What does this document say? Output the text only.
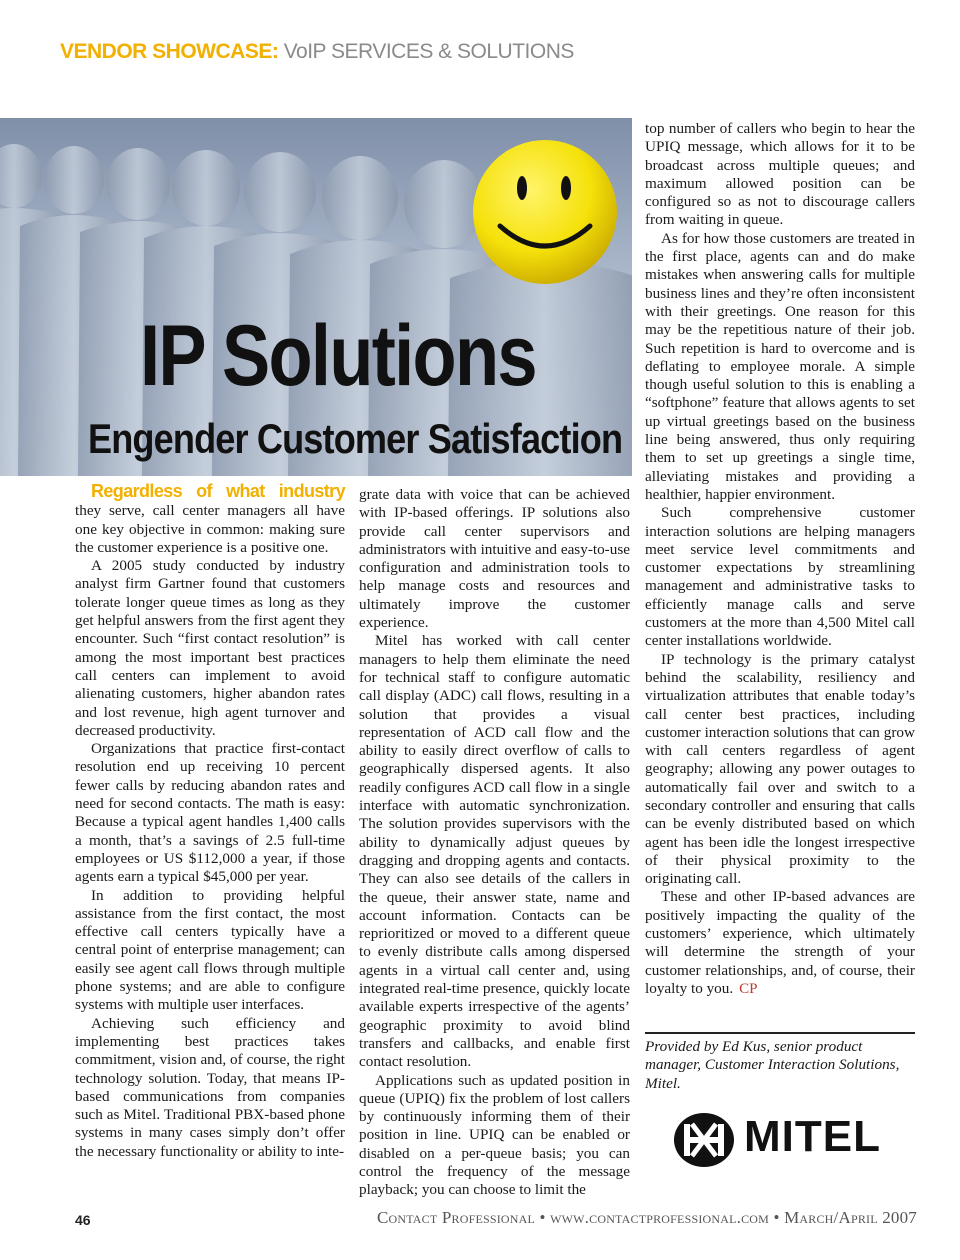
VENDOR SHOWCASE: VoIP SERVICES & SOLUTIONS
IP Solutions
Engender Customer Satisfaction

Regardless of what industry they serve, call center managers all have one key objective in common: making sure the customer experience is a positive one.

A 2005 study conducted by industry analyst firm Gartner found that customers tolerate longer queue times as long as they get helpful answers from the first agent they encounter. Such “first contact resolution” is among the most important best practices call centers can implement to avoid alienating customers, higher abandon rates and lost revenue, high agent turnover and decreased productivity.

Organizations that practice first-contact resolution end up receiving 10 percent fewer calls by reducing abandon rates and need for second contacts. The math is easy: Because a typical agent handles 1,400 calls a month, that’s a savings of 2.5 full-time employees or US $112,000 a year, if those agents earn a typical $45,000 per year.

In addition to providing helpful assistance from the first contact, the most effective call centers typically have a central point of enterprise management; can easily see agent call flows through multiple phone systems; and are able to configure systems with multiple user interfaces.

Achieving such efficiency and implementing best practices takes commitment, vision and, of course, the right technology solution. Today, that means IP-based communications from companies such as Mitel. Traditional PBX-based phone systems in many cases simply don’t offer the necessary functionality or ability to inte-

grate data with voice that can be achieved with IP-based offerings. IP solutions also provide call center supervisors and administrators with intuitive and easy-to-use configuration and administration tools to help manage costs and resources and ultimately improve the customer experience.

Mitel has worked with call center managers to help them eliminate the need for technical staff to configure automatic call display (ADC) call flows, resulting in a solution that provides a visual representation of ACD call flow and the ability to easily direct overflow of calls to geographically dispersed agents. It also readily configures ACD call flow in a single interface with automatic synchronization. The solution provides supervisors with the ability to dynamically adjust queues by dragging and dropping agents and contacts. They can also see details of the callers in the queue, their answer state, name and account information. Contacts can be reprioritized or moved to a different queue to evenly distribute calls among dispersed agents in a virtual call center and, using integrated real-time presence, quickly locate available experts irrespective of the agents’ geographic proximity to avoid blind transfers and callbacks, and enable first contact resolution.

Applications such as updated position in queue (UPIQ) fix the problem of lost callers by continuously informing them of their position in line. UPIQ can be enabled or disabled on a per-queue basis; you can control the frequency of the message playback; you can choose to limit the

top number of callers who begin to hear the UPIQ message, which allows for it to be broadcast across multiple queues; and maximum allowed position can be configured so as not to discourage callers from waiting in queue.

As for how those customers are treated in the first place, agents can and do make mistakes when answering calls for multiple business lines and they’re often inconsistent with their greetings. One reason for this may be the repetitious nature of their job. Such repetition is hard to overcome and is deflating to employee morale. A simple though useful solution to this is enabling a “softphone” feature that allows agents to set up virtual greetings based on the business line being answered, thus only requiring them to set up greetings a single time, alleviating mistakes and providing a healthier, happier environment.

Such comprehensive customer interaction solutions are helping managers meet service level commitments and customer expectations by streamlining management and administrative tasks to efficiently manage calls and serve customers at the more than 4,500 Mitel call center installations worldwide.

IP technology is the primary catalyst behind the scalability, resiliency and virtualization attributes that enable today’s call center best practices, including customer interaction solutions that can grow with call centers regardless of agent geography; allowing any power outages to automatically fail over and switch to a secondary controller and ensuring that calls can be evenly distributed based on which agent has been idle the longest irrespective of their physical proximity to the originating call.

These and other IP-based advances are positively impacting the quality of the customers’ experience, which ultimately will determine the strength of your customer relationships, and, of course, their loyalty to you. CP

Provided by Ed Kus, senior product manager, Customer Interaction Solutions, Mitel.
MITEL
46	Contact Professional • www.contactprofessional.com • March/April 2007
